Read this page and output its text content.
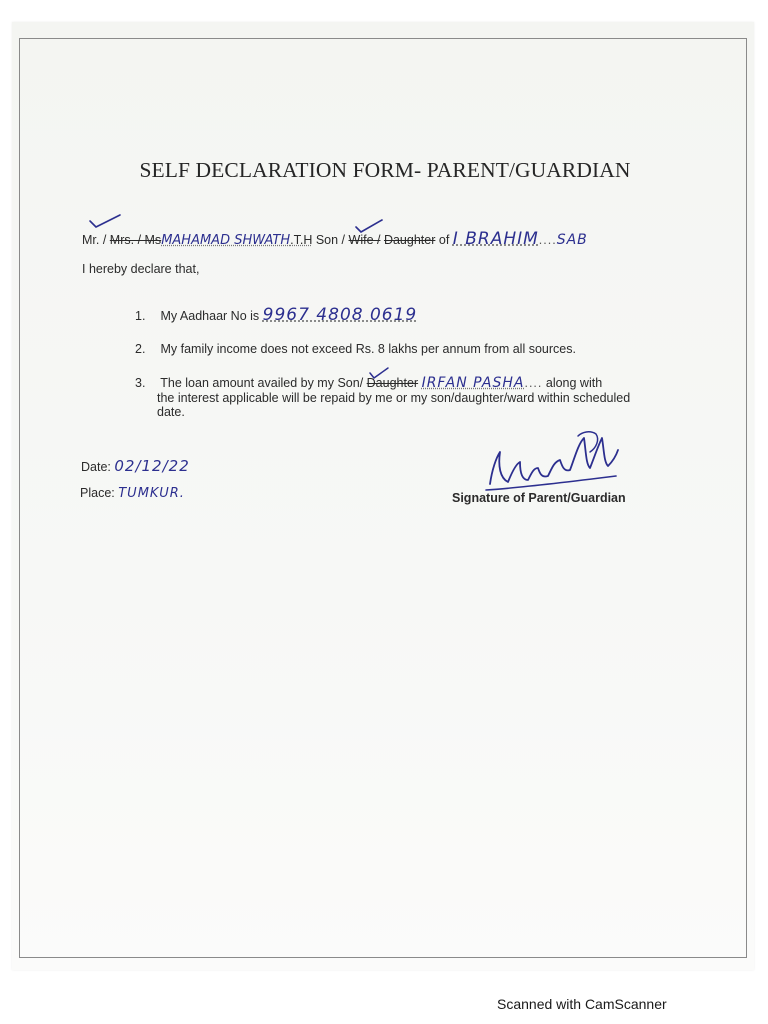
SELF DECLARATION FORM- PARENT/GUARDIAN
Mr. / Mrs. / MsMAHAMAD SHWATH.T.H Son / Wife / Daughter of I BRAHIM....SAB
I hereby declare that,
1. My Aadhaar No is 9967 4808 0619
2. My family income does not exceed Rs. 8 lakhs per annum from all sources.
3. The loan amount availed by my Son/ Daughter IRFAN PASHA.... along with
the interest applicable will be repaid by me or my son/daughter/ward within scheduled
date.
Date: 02/12/22
Place: TUMKUR.	Signature of Parent/Guardian
Scanned with CamScanner
